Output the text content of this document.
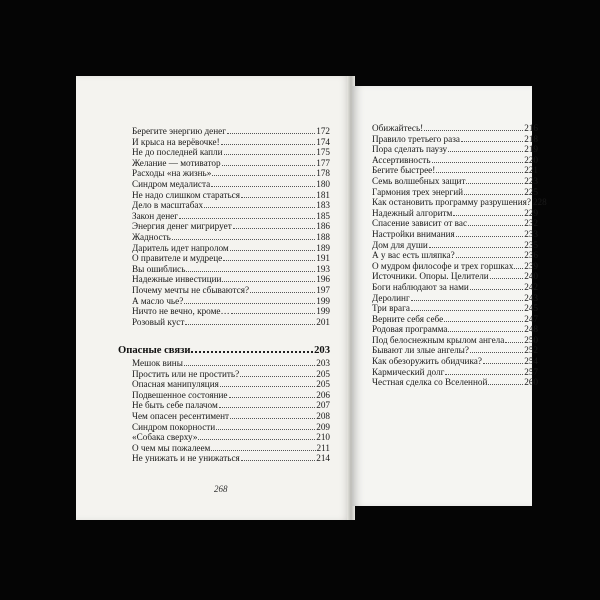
Берегите энергию денег	172
И крыса на верёвочке!	174
Не до последней капли	175
Желание — мотиватор	177
Расходы «на жизнь»	178
Синдром медалиста	180
Не надо слишком стараться	181
Дело в масштабах	183
Закон денег	185
Энергия денег мигрирует	186
Жадность	188
Даритель идет напролом	189
О правителе и мудреце	191
Вы ошиблись	193
Надежные инвестиции	196
Почему мечты не сбываются?	197
А масло чье?	199
Ничто не вечно, кроме…	199
Розовый куст	201
Опасные связи	203
Мешок вины	203
Простить или не простить?	205
Опасная манипуляция	205
Подвешенное состояние	206
Не быть себе палачом	207
Чем опасен ресентимент	208
Синдром покорности	209
«Собака сверху»	210
О чем мы пожалеем	211
Не унижать и не унижаться	214
268
Обижайтесь!	216
Правило третьего раза	218
Пора сделать паузу	219
Ассертивность	220
Бегите быстрее!	221
Семь волшебных защит	223
Гармония трех энергий	225
Как остановить программу разрушения? 228
Надежный алгоритм	229
Спасение зависит от вас	232
Настройки внимания	233
Дом для души	235
А у вас есть шляпка?	236
О мудром философе и трех горшках 239
Источники. Опоры. Целители	240
Боги наблюдают за нами	242
Деролинг	243
Три врага	245
Верните себя себе	247
Родовая программа	248
Под белоснежным крылом ангела 250
Бывают ли злые ангелы?	252
Как обезоружить обидчика?	254
Кармический долг	257
Честная сделка со Вселенной	260
